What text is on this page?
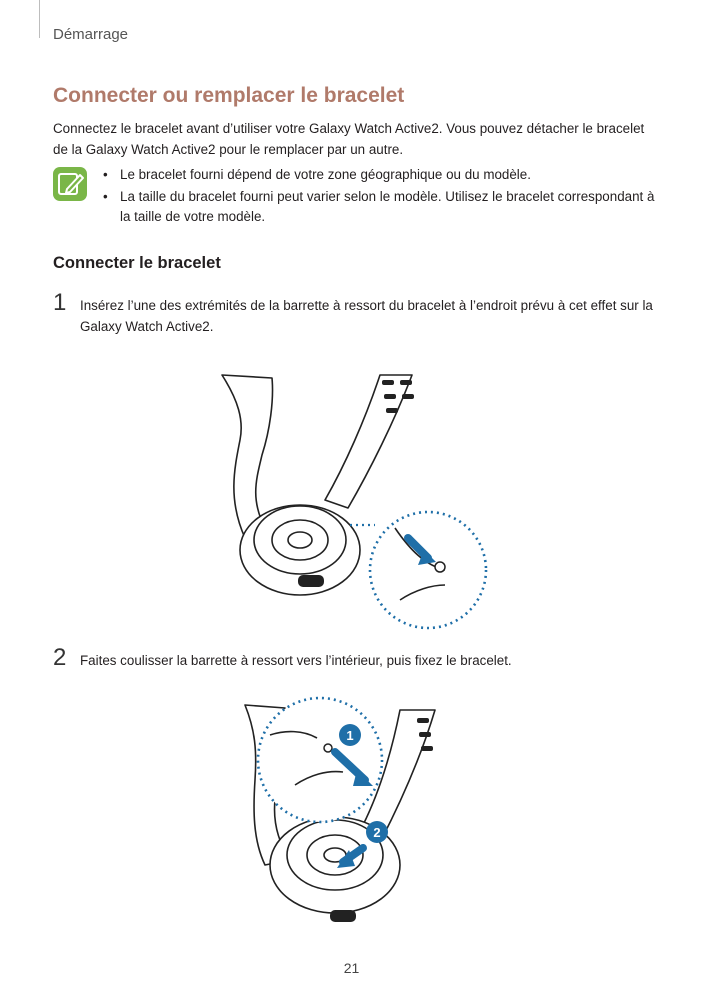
Démarrage
Connecter ou remplacer le bracelet

Connectez le bracelet avant d’utiliser votre Galaxy Watch Active2. Vous pouvez détacher le bracelet de la Galaxy Watch Active2 pour le remplacer par un autre.

• Le bracelet fourni dépend de votre zone géographique ou du modèle.
• La taille du bracelet fourni peut varier selon le modèle. Utilisez le bracelet correspondant à la taille de votre modèle.
Connecter le bracelet
1 Insérez l’une des extrémités de la barrette à ressort du bracelet à l’endroit prévu à cet effet sur la Galaxy Watch Active2.
2 Faites coulisser la barrette à ressort vers l’intérieur, puis fixez le bracelet.
1
2
21
